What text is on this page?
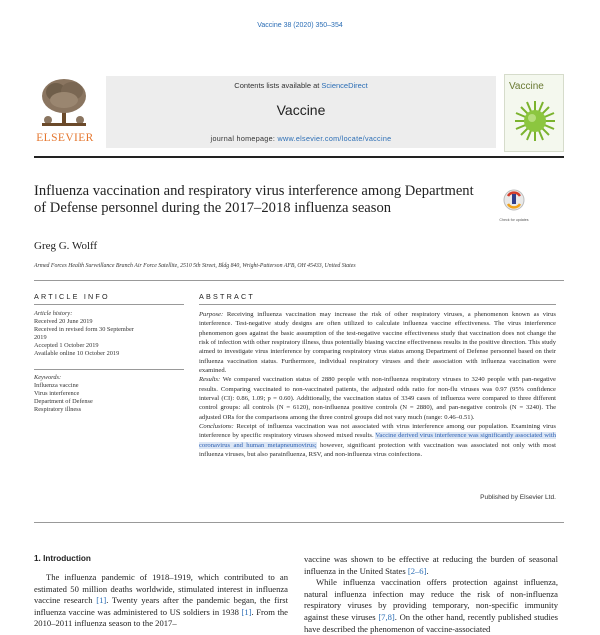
Vaccine 38 (2020) 350–354
ELSEVIER
Contents lists available at ScienceDirect
Vaccine
journal homepage: www.elsevier.com/locate/vaccine
Vaccine
Influenza vaccination and respiratory virus interference among Department of Defense personnel during the 2017–2018 influenza season
Check for updates
Greg G. Wolff
Armed Forces Health Surveillance Branch Air Force Satellite, 2510 5th Street, Bldg 840, Wright-Patterson AFB, OH 45433, United States
ARTICLE INFO
Article history:
Received 20 June 2019
Received in revised form 30 September
2019
Accepted 1 October 2019
Available online 10 October 2019
Keywords:
Influenza vaccine
Virus interference
Department of Defense
Respiratory illness
ABSTRACT
Purpose: Receiving influenza vaccination may increase the risk of other respiratory viruses, a phenomenon known as virus interference. Test-negative study designs are often utilized to calculate influenza vaccine effectiveness. The virus interference phenomenon goes against the basic assumption of the test-negative vaccine effectiveness study that vaccination does not change the risk of infection with other respiratory illness, thus potentially biasing vaccine effectiveness results in the positive direction. This study aimed to investigate virus interference by comparing respiratory virus status among Department of Defense personnel based on their influenza vaccination status. Furthermore, individual respiratory viruses and their association with influenza vaccination were examined.
Results: We compared vaccination status of 2880 people with non-influenza respiratory viruses to 3240 people with pan-negative results. Comparing vaccinated to non-vaccinated patients, the adjusted odds ratio for non-flu viruses was 0.97 (95% confidence interval (CI): 0.86, 1.09; p = 0.60). Additionally, the vaccination status of 3349 cases of influenza were compared to three different control groups: all controls (N = 6120), non-influenza positive controls (N = 2880), and pan-negative controls (N = 3240). The adjusted ORs for the comparisons among the three control groups did not vary much (range: 0.46–0.51).
Conclusions: Receipt of influenza vaccination was not associated with virus interference among our population. Examining virus interference by specific respiratory viruses showed mixed results. Vaccine derived virus interference was significantly associated with coronavirus and human metapneumovirus; however, significant protection with vaccination was associated not only with most influenza viruses, but also parainfluenza, RSV, and non-influenza virus coinfections.
Published by Elsevier Ltd.
1. Introduction
The influenza pandemic of 1918–1919, which contributed to an estimated 50 million deaths worldwide, stimulated interest in influenza vaccine research [1]. Twenty years after the pandemic began, the first influenza vaccine was administered to US soldiers in 1938 [1]. From the 2010–2011 influenza season to the 2017–
vaccine was shown to be effective at reducing the burden of seasonal influenza in the United States [2–6].
While influenza vaccination offers protection against influenza, natural influenza infection may reduce the risk of non-influenza respiratory viruses by providing temporary, non-specific immunity against these viruses [7,8]. On the other hand, recently published studies have described the phenomenon of vaccine-associated
